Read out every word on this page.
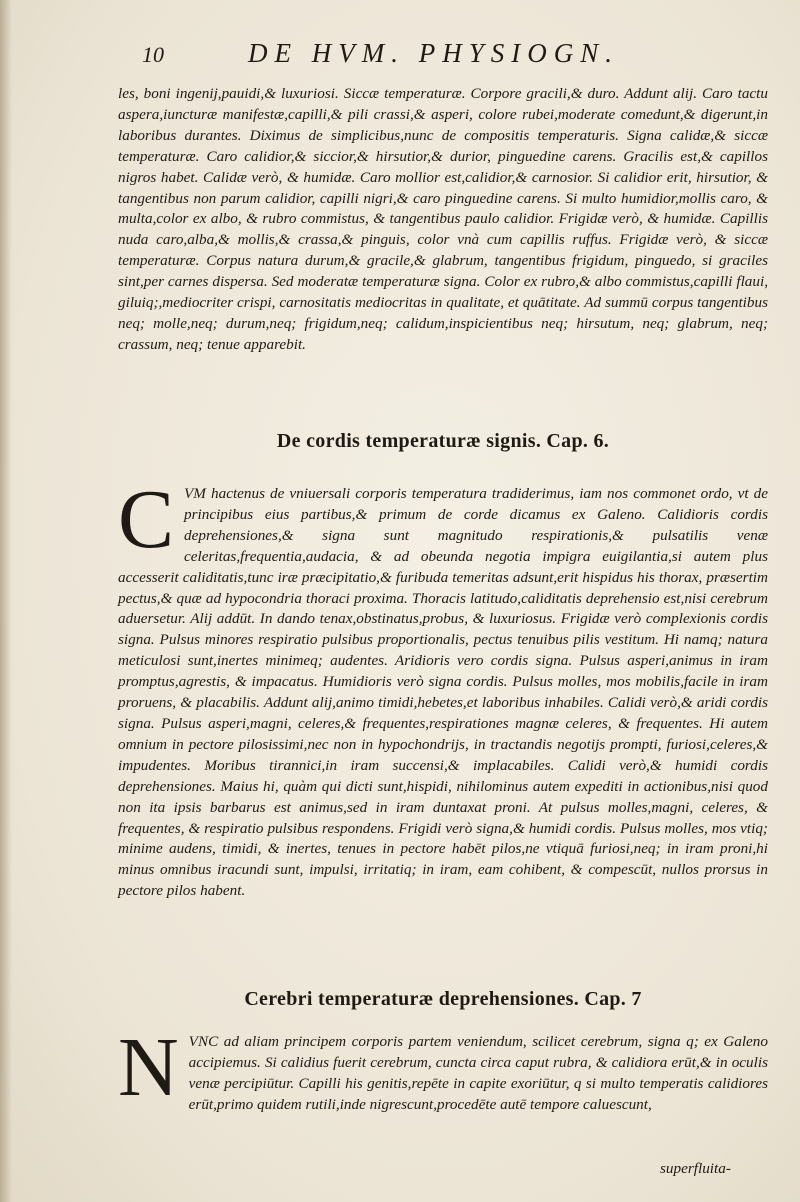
10	DE HVM. PHYSIOGN.

les, boni ingenij,pauidi,& luxuriosi. Siccæ temperaturæ. Corpore gracili,& duro. Addunt alij. Caro tactu aspera,iuncturæ manifestæ,capilli,& pili crassi,& asperi, colore rubei,moderate comedunt,& digerunt,in laboribus durantes. Diximus de simplicibus,nunc de compositis temperaturis. Signa calidæ,& siccæ temperaturæ. Caro calidior,& siccior,& hirsutior,& durior, pinguedine carens. Gracilis est,& capillos nigros habet. Calidæ verò, & humidæ. Caro mollior est,calidior,& carnosior. Si calidior erit, hirsutior, & tangentibus non parum calidior, capilli nigri,& caro pinguedine carens. Si multo humidior,mollis caro, & multa,color ex albo, & rubro commistus, & tangentibus paulo calidior. Frigidæ verò, & humidæ. Capillis nuda caro,alba,& mollis,& crassa,& pinguis, color vnà cum capillis ruffus. Frigidæ verò, & siccæ temperaturæ. Corpus natura durum,& gracile,& glabrum, tangentibus frigidum, pinguedo, si graciles sint,per carnes dispersa. Sed moderatæ temperaturæ signa. Color ex rubro,& albo commistus,capilli flaui, giluiq;,mediocriter crispi, carnositatis mediocritas in qualitate, et quātitate. Ad summū corpus tangentibus neq; molle,neq; durum,neq; frigidum,neq; calidum,inspicientibus neq; hirsutum, neq; glabrum, neq; crassum, neq; tenue apparebit.

De cordis temperaturæ signis. Cap. 6.
C VM hactenus de vniuersali corporis temperatura tradiderimus, iam nos commonet ordo, vt de principibus eius partibus,& primum de corde dicamus ex Galeno. Calidioris cordis deprehensiones,& signa sunt magnitudo respirationis,& pulsatilis venæ celeritas,frequentia,audacia, & ad obeunda negotia impigra euigilantia,si autem plus accesserit caliditatis,tunc iræ præcipitatio,& furibuda temeritas adsunt,erit hispidus his thorax, præsertim pectus,& quæ ad hypocondria thoraci proxima. Thoracis latitudo,caliditatis deprehensio est,nisi cerebrum aduersetur. Alij addūt. In dando tenax,obstinatus,probus, & luxuriosus. Frigidæ verò complexionis cordis signa. Pulsus minores respiratio pulsibus proportionalis, pectus tenuibus pilis vestitum. Hi namq; natura meticulosi sunt,inertes minimeq; audentes. Aridioris vero cordis signa. Pulsus asperi,animus in iram promptus,agrestis, & impacatus. Humidioris verò signa cordis. Pulsus molles, mos mobilis,facile in iram proruens, & placabilis. Addunt alij,animo timidi,hebetes,et laboribus inhabiles. Calidi verò,& aridi cordis signa. Pulsus asperi,magni, celeres,& frequentes,respirationes magnæ celeres, & frequentes. Hi autem omnium in pectore pilosissimi,nec non in hypochondrijs, in tractandis negotijs prompti, furiosi,celeres,& impudentes. Moribus tirannici,in iram succensi,& implacabiles. Calidi verò,& humidi cordis deprehensiones. Maius hi, quàm qui dicti sunt,hispidi, nihilominus autem expediti in actionibus,nisi quod non ita ipsis barbarus est animus,sed in iram duntaxat proni. At pulsus molles,magni, celeres, & frequentes, & respiratio pulsibus respondens. Frigidi verò signa,& humidi cordis. Pulsus molles, mos vtiq; minime audens, timidi, & inertes, tenues in pectore habēt pilos,ne vtiquā furiosi,neq; in iram proni,hi minus omnibus iracundi sunt, impulsi, irritatiq; in iram, eam cohibent, & compescūt, nullos prorsus in pectore pilos habent.
Cerebri temperaturæ deprehensiones. Cap. 7
N VNC ad aliam principem corporis partem veniendum, scilicet cerebrum, signa q; ex Galeno accipiemus. Si calidius fuerit cerebrum, cuncta circa caput rubra, & calidiora erūt,& in oculis venæ percipiūtur. Capilli his genitis,repēte in capite exoriūtur, q si multo temperatis calidiores erūt,primo quidem rutili,inde nigrescunt,procedēte autē tempore caluescunt,
superfluita-
